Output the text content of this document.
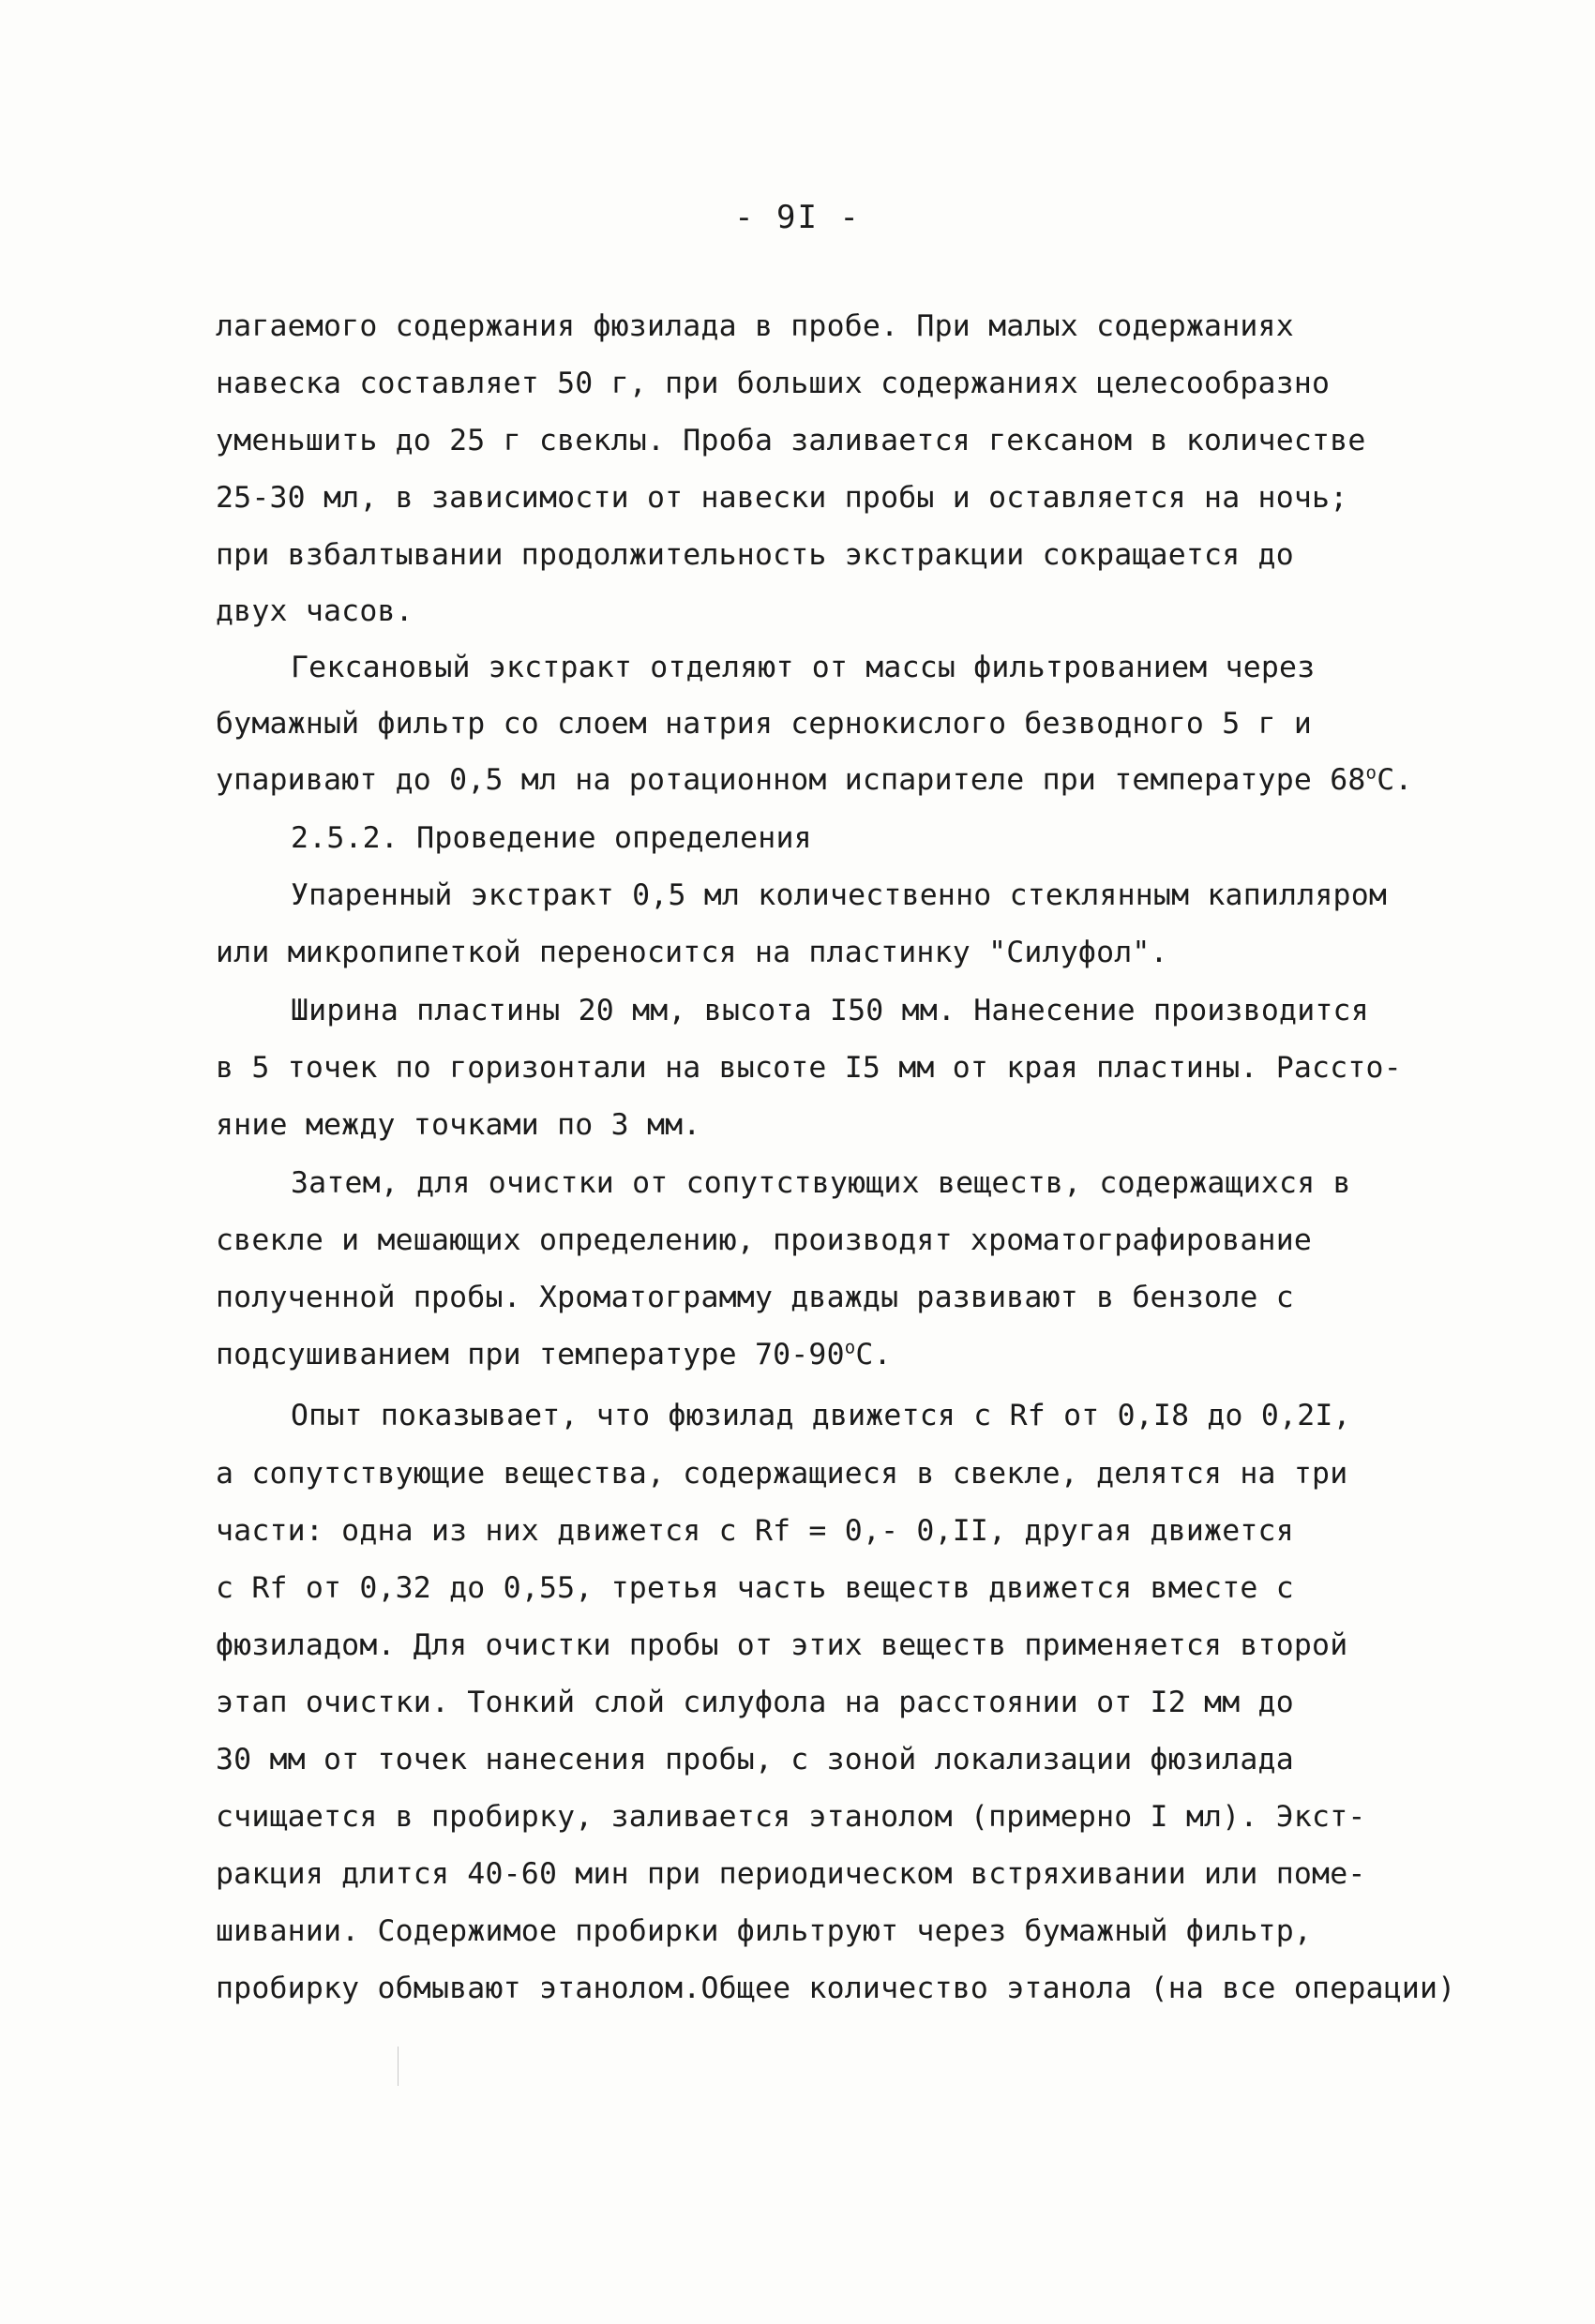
- 9I -
лагаемого содержания фюзилада в пробе. При малых содержаниях
навеска составляет 50 г, при больших содержаниях целесообразно
уменьшить до 25 г свеклы. Проба заливается гексаном в количестве
25-30 мл, в зависимости от навески пробы и оставляется на ночь;
при взбалтывании продолжительность экстракции сокращается до
двух часов.
Гексановый экстракт отделяют от массы фильтрованием через
бумажный фильтр со слоем натрия сернокислого безводного 5 г и
упаривают до 0,5 мл на ротационном испарителе при температуре 68$^o$C.
2.5.2. Проведение определения
Упаренный экстракт 0,5 мл количественно стеклянным капилляром
или микропипеткой переносится на пластинку "Силуфол".
Ширина пластины 20 мм, высота I50 мм. Нанесение производится
в 5 точек по горизонтали на высоте I5 мм от края пластины. Рассто-
яние между точками по 3 мм.
Затем, для очистки от сопутствующих веществ, содержащихся в
свекле и мешающих определению, производят хроматографирование
полученной пробы. Хроматограмму дважды развивают в бензоле с
подсушиванием при температуре 70-90$^o$C.
Опыт показывает, что фюзилад движется с Rf от 0,I8 до 0,2I,
а сопутствующие вещества, содержащиеся в свекле, делятся на три
части: одна из них движется с Rf = 0,- 0,II, другая движется
с Rf от 0,32 до 0,55, третья часть веществ движется вместе с
фюзиладом. Для очистки пробы от этих веществ применяется второй
этап очистки. Тонкий слой силуфола на расстоянии от I2 мм до
30 мм от точек нанесения пробы, с зоной локализации фюзилада
счищается в пробирку, заливается этанолом (примерно I мл). Экст-
ракция длится 40-60 мин при периодическом встряхивании или поме-
шивании. Содержимое пробирки фильтруют через бумажный фильтр,
пробирку обмывают этанолом.Общее количество этанола (на все операции)
